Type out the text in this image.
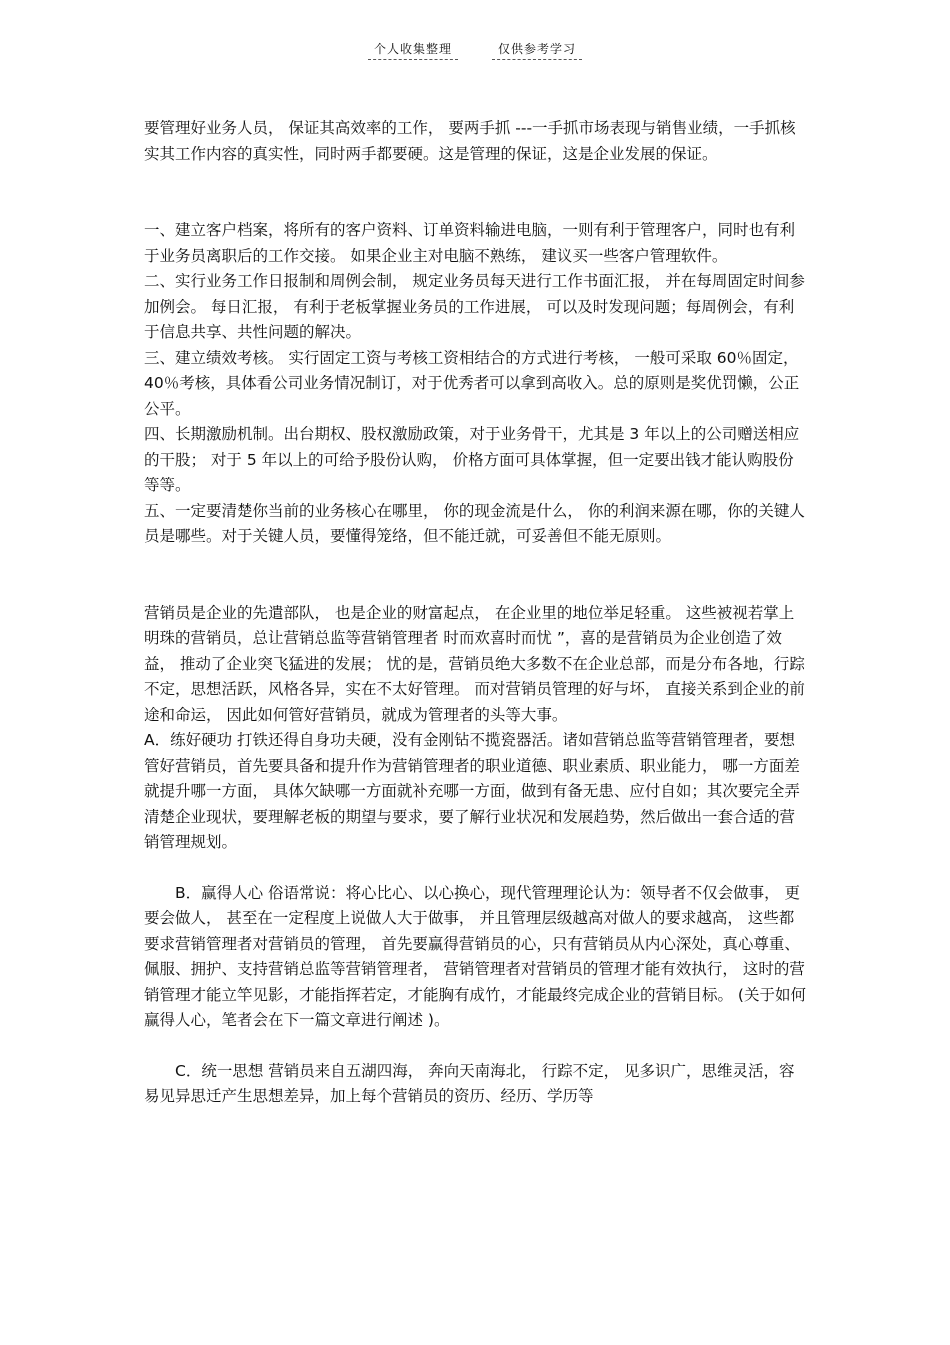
个人收集整理	仅供参考学习

要管理好业务人员， 保证其高效率的工作， 要两手抓 ---一手抓市场表现与销售业绩，一手抓核实其工作内容的真实性，同时两手都要硬。这是管理的保证，这是企业发展的保证。

一、建立客户档案，将所有的客户资料、订单资料输进电脑，一则有利于管理客户，同时也有利于业务员离职后的工作交接。 如果企业主对电脑不熟练， 建议买一些客户管理软件。

二、实行业务工作日报制和周例会制， 规定业务员每天进行工作书面汇报， 并在每周固定时间参加例会。 每日汇报， 有利于老板掌握业务员的工作进展， 可以及时发现问题；每周例会，有利于信息共享、共性问题的解决。

三、建立绩效考核。 实行固定工资与考核工资相结合的方式进行考核， 一般可采取 60％固定， 40％考核，具体看公司业务情况制订，对于优秀者可以拿到高收入。总的原则是奖优罚懒，公正公平。

四、长期激励机制。出台期权、股权激励政策，对于业务骨干，尤其是 3 年以上的公司赠送相应的干股； 对于 5 年以上的可给予股份认购， 价格方面可具体掌握，但一定要出钱才能认购股份等等。

五、一定要清楚你当前的业务核心在哪里， 你的现金流是什么， 你的利润来源在哪，你的关键人员是哪些。对于关键人员，要懂得笼络，但不能迁就，可妥善但不能无原则。

营销员是企业的先遣部队， 也是企业的财富起点， 在企业里的地位举足轻重。 这些被视若掌上明珠的营销员，总让营销总监等营销管理者 时而欢喜时而忧 ”，喜的是营销员为企业创造了效益， 推动了企业突飞猛进的发展； 忧的是，营销员绝大多数不在企业总部，而是分布各地，行踪不定，思想活跃，风格各异，实在不太好管理。 而对营销员管理的好与坏， 直接关系到企业的前途和命运， 因此如何管好营销员，就成为管理者的头等大事。

A．练好硬功 打铁还得自身功夫硬，没有金刚钻不揽瓷器活。诸如营销总监等营销管理者，要想管好营销员，首先要具备和提升作为营销管理者的职业道德、职业素质、职业能力， 哪一方面差就提升哪一方面， 具体欠缺哪一方面就补充哪一方面，做到有备无患、应付自如；其次要完全弄清楚企业现状，要理解老板的期望与要求，要了解行业状况和发展趋势，然后做出一套合适的营销管理规划。

　　B．赢得人心 俗语常说：将心比心、以心换心，现代管理理论认为：领导者不仅会做事， 更要会做人， 甚至在一定程度上说做人大于做事， 并且管理层级越高对做人的要求越高， 这些都要求营销管理者对营销员的管理， 首先要赢得营销员的心，只有营销员从内心深处，真心尊重、佩服、拥护、支持营销总监等营销管理者， 营销管理者对营销员的管理才能有效执行， 这时的营销管理才能立竿见影，才能指挥若定，才能胸有成竹，才能最终完成企业的营销目标。 (关于如何赢得人心，笔者会在下一篇文章进行阐述 )。

　　C．统一思想 营销员来自五湖四海， 奔向天南海北， 行踪不定， 见多识广，思维灵活，容易见异思迁产生思想差异，加上每个营销员的资历、经历、学历等
